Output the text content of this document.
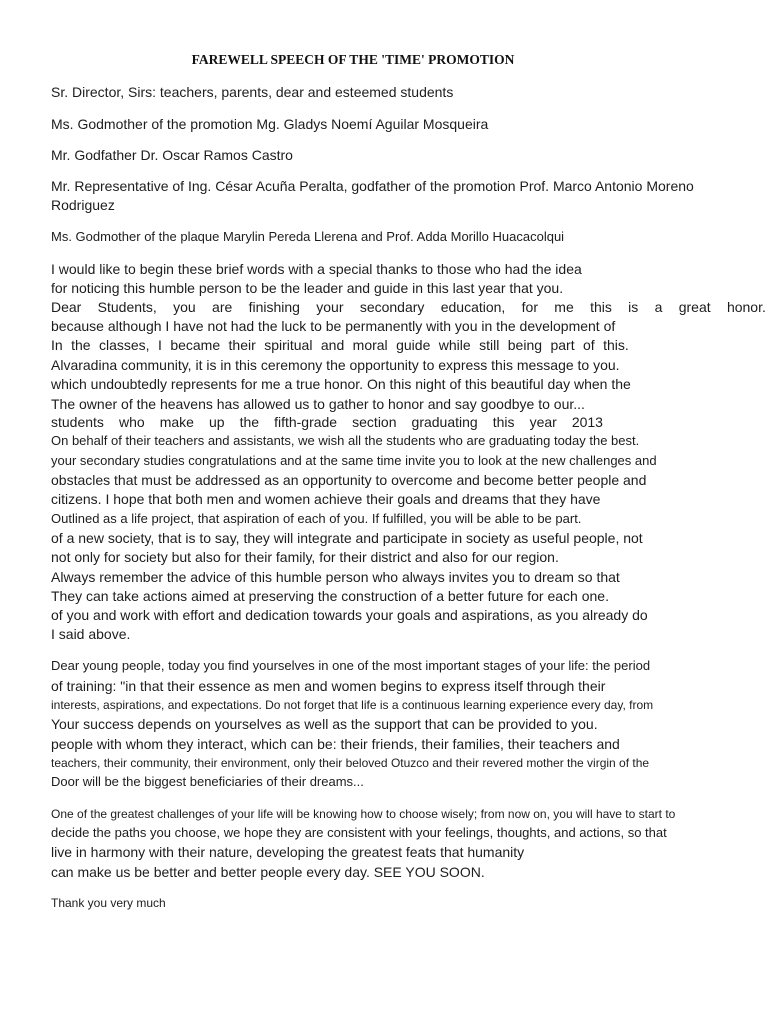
FAREWELL SPEECH OF THE 'TIME' PROMOTION
Sr. Director, Sirs: teachers, parents, dear and esteemed students
Ms. Godmother of the promotion Mg. Gladys Noemí Aguilar Mosqueira
Mr. Godfather Dr. Oscar Ramos Castro
Mr. Representative of Ing. César Acuña Peralta, godfather of the promotion Prof. Marco Antonio Moreno
Rodriguez
Ms. Godmother of the plaque Marylin Pereda Llerena and Prof. Adda Morillo Huacacolqui
I would like to begin these brief words with a special thanks to those who had the idea
for noticing this humble person to be the leader and guide in this last year that you.
Dear Students, you are finishing your secondary education, for me this is a great honor.
because although I have not had the luck to be permanently with you in the development of
In the classes, I became their spiritual and moral guide while still being part of this.
Alvaradina community, it is in this ceremony the opportunity to express this message to you.
which undoubtedly represents for me a true honor. On this night of this beautiful day when the
The owner of the heavens has allowed us to gather to honor and say goodbye to our...
students who make up the fifth-grade section graduating this year 2013
On behalf of their teachers and assistants, we wish all the students who are graduating today the best.
your secondary studies congratulations and at the same time invite you to look at the new challenges and
obstacles that must be addressed as an opportunity to overcome and become better people and
citizens. I hope that both men and women achieve their goals and dreams that they have
Outlined as a life project, that aspiration of each of you. If fulfilled, you will be able to be part.
of a new society, that is to say, they will integrate and participate in society as useful people, not
not only for society but also for their family, for their district and also for our region.
Always remember the advice of this humble person who always invites you to dream so that
They can take actions aimed at preserving the construction of a better future for each one.
of you and work with effort and dedication towards your goals and aspirations, as you already do
I said above.
Dear young people, today you find yourselves in one of the most important stages of your life: the period
of training: "in that their essence as men and women begins to express itself through their
interests, aspirations, and expectations. Do not forget that life is a continuous learning experience every day, from
Your success depends on yourselves as well as the support that can be provided to you.
people with whom they interact, which can be: their friends, their families, their teachers and
teachers, their community, their environment, only their beloved Otuzco and their revered mother the virgin of the
Door will be the biggest beneficiaries of their dreams...
One of the greatest challenges of your life will be knowing how to choose wisely; from now on, you will have to start to
decide the paths you choose, we hope they are consistent with your feelings, thoughts, and actions, so that
live in harmony with their nature, developing the greatest feats that humanity
can make us be better and better people every day. SEE YOU SOON.
Thank you very much
